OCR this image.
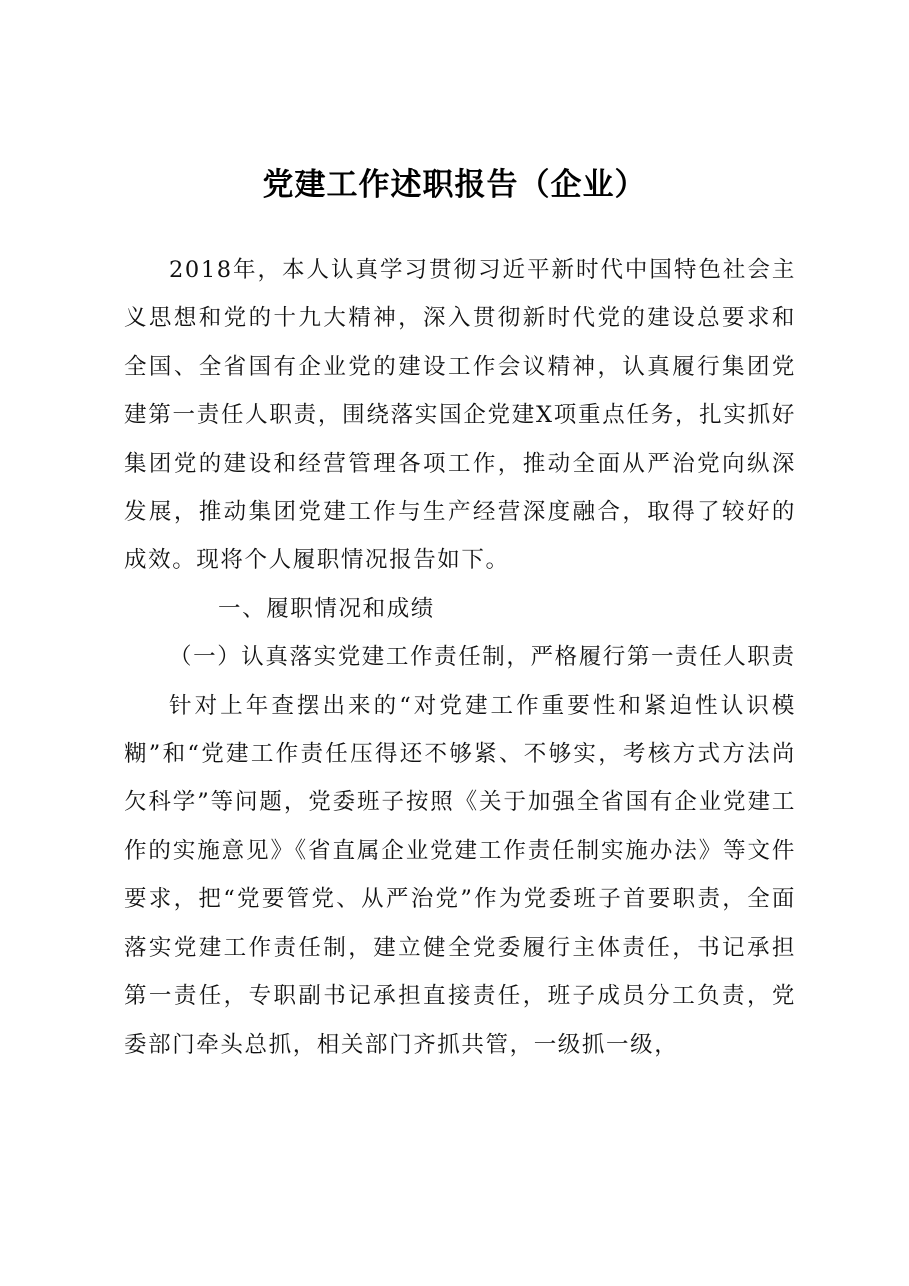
党建工作述职报告（企业）

2018年，本人认真学习贯彻习近平新时代中国特色社会主义思想和党的十九大精神，深入贯彻新时代党的建设总要求和全国、全省国有企业党的建设工作会议精神，认真履行集团党建第一责任人职责，围绕落实国企党建X项重点任务，扎实抓好集团党的建设和经营管理各项工作，推动全面从严治党向纵深发展，推动集团党建工作与生产经营深度融合，取得了较好的成效。现将个人履职情况报告如下。

一、履职情况和成绩

（一）认真落实党建工作责任制，严格履行第一责任人职责

针对上年查摆出来的“对党建工作重要性和紧迫性认识模糊”和“党建工作责任压得还不够紧、不够实，考核方式方法尚欠科学”等问题，党委班子按照《关于加强全省国有企业党建工作的实施意见》《省直属企业党建工作责任制实施办法》等文件要求，把“党要管党、从严治党”作为党委班子首要职责，全面落实党建工作责任制，建立健全党委履行主体责任，书记承担第一责任，专职副书记承担直接责任，班子成员分工负责，党委部门牵头总抓，相关部门齐抓共管，一级抓一级，
